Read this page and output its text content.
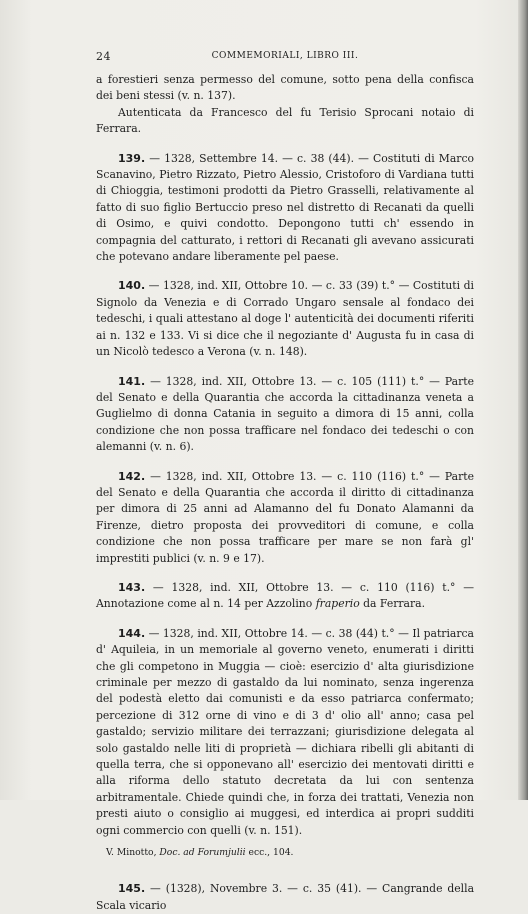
24	COMMEMORIALI, LIBRO III.

a forestieri senza permesso del comune, sotto pena della confisca dei beni stessi (v. n. 137).

Autenticata da Francesco del fu Terisio Sprocani notaio di Ferrara.

139. — 1328, Settembre 14. — c. 38 (44). — Costituti di Marco Scanavino, Pietro Rizzato, Pietro Alessio, Cristoforo di Vardiana tutti di Chioggia, testimoni prodotti da Pietro Grasselli, relativamente al fatto di suo figlio Bertuccio preso nel distretto di Recanati da quelli di Osimo, e quivi condotto. Depongono tutti ch' essendo in compagnia del catturato, i rettori di Recanati gli avevano assicurati che potevano andare liberamente pel paese.

140. — 1328, ind. XII, Ottobre 10. — c. 33 (39) t.° — Costituti di Signolo da Venezia e di Corrado Ungaro sensale al fondaco dei tedeschi, i quali attestano al doge l' autenticità dei documenti riferiti ai n. 132 e 133. Vi si dice che il negoziante d' Augusta fu in casa di un Nicolò tedesco a Verona (v. n. 148).

141. — 1328, ind. XII, Ottobre 13. — c. 105 (111) t.° — Parte del Senato e della Quarantia che accorda la cittadinanza veneta a Guglielmo di donna Catania in seguito a dimora di 15 anni, colla condizione che non possa trafficare nel fondaco dei tedeschi o con alemanni (v. n. 6).

142. — 1328, ind. XII, Ottobre 13. — c. 110 (116) t.° — Parte del Senato e della Quarantia che accorda il diritto di cittadinanza per dimora di 25 anni ad Alamanno del fu Donato Alamanni da Firenze, dietro proposta dei provveditori di comune, e colla condizione che non possa trafficare per mare se non farà gl' imprestiti publici (v. n. 9 e 17).

143. — 1328, ind. XII, Ottobre 13. — c. 110 (116) t.° — Annotazione come al n. 14 per Azzolino fraperio da Ferrara.

144. — 1328, ind. XII, Ottobre 14. — c. 38 (44) t.° — Il patriarca d' Aquileia, in un memoriale al governo veneto, enumerati i diritti che gli competono in Muggia — cioè: esercizio d' alta giurisdizione criminale per mezzo di gastaldo da lui nominato, senza ingerenza del podestà eletto dai comunisti e da esso patriarca confermato; percezione di 312 orne di vino e di 3 d' olio all' anno; casa pel gastaldo; servizio militare dei terrazzani; giurisdizione delegata al solo gastaldo nelle liti di proprietà — dichiara ribelli gli abitanti di quella terra, che si opponevano all' esercizio dei mentovati diritti e alla riforma dello statuto decretata da lui con sentenza arbitramentale. Chiede quindi che, in forza dei trattati, Venezia non presti aiuto o consiglio ai muggesi, ed interdica ai propri sudditi ogni commercio con quelli (v. n. 151).

V. Minotto, Doc. ad Forumjulii ecc., 104.

145. — (1328), Novembre 3. — c. 35 (41). — Cangrande della Scala vicario
